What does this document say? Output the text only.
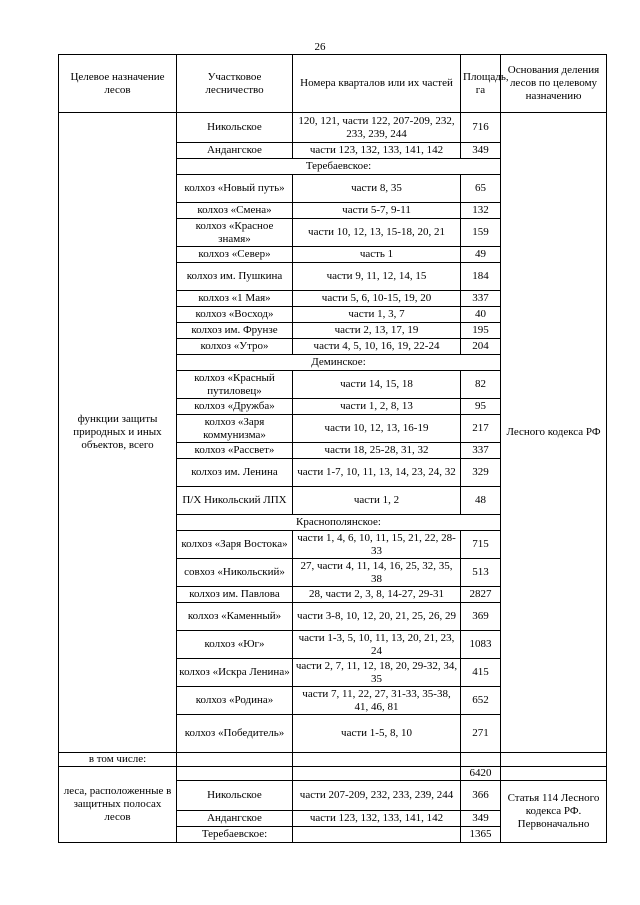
26
Целевое назначение лесов	Участковое лесничество	Номера кварталов или их частей	Площадь, га	Основания деления лесов по целевому назначению
функции защиты природных и иных объектов, всего	Никольское	120, 121, части 122, 207-209, 232, 233, 239, 244	716	Лесного кодекса РФ
	Андангское	части 123, 132, 133, 141, 142	349	
	Теребаевское:			
	колхоз «Новый путь»	части 8, 35	65	
	колхоз «Смена»	части 5-7, 9-11	132	
	колхоз «Красное знамя»	части 10, 12, 13, 15-18, 20, 21	159	
	колхоз «Север»	часть 1	49	
	колхоз им. Пушкина	части 9, 11, 12, 14, 15	184	
	колхоз «1 Мая»	части 5, 6, 10-15, 19, 20	337	
	колхоз «Восход»	части 1, 3, 7	40	
	колхоз им. Фрунзе	части 2, 13, 17, 19	195	
	колхоз «Утро»	части 4, 5, 10, 16, 19, 22-24	204	
	Деминское:			
	колхоз «Красный путиловец»	части 14, 15, 18	82	
	колхоз «Дружба»	части 1, 2, 8, 13	95	
	колхоз «Заря коммунизма»	части 10, 12, 13, 16-19	217	
	колхоз «Рассвет»	части 18, 25-28, 31, 32	337	
	колхоз им. Ленина	части 1-7, 10, 11, 13, 14, 23, 24, 32	329	
	П/Х Никольский ЛПХ	части 1, 2	48	
	Краснополянское:			
	колхоз «Заря Востока»	части 1, 4, 6, 10, 11, 15, 21, 22, 28-33	715	
	совхоз «Никольский»	27, части 4, 11, 14, 16, 25, 32, 35, 38	513	
	колхоз им. Павлова	28, части 2, 3, 8, 14-27, 29-31	2827	
	колхоз «Каменный»	части 3-8, 10, 12, 20, 21, 25, 26, 29	369	
	колхоз «Юг»	части 1-3, 5, 10, 11, 13, 20, 21, 23, 24	1083	
	колхоз «Искра Ленина»	части 2, 7, 11, 12, 18, 20, 29-32, 34, 35	415	
	колхоз «Родина»	части 7, 11, 22, 27, 31-33, 35-38, 41, 46, 81	652	
	колхоз «Победитель»	части 1-5, 8, 10	271	
в том числе:				
леса, расположенные в защитных полосах лесов			6420	
	Никольское	части 207-209, 232, 233, 239, 244	366	Статья 114 Лесного кодекса РФ. Первоначально
	Андангское	части 123, 132, 133, 141, 142	349	
	Теребаевское:		1365	
